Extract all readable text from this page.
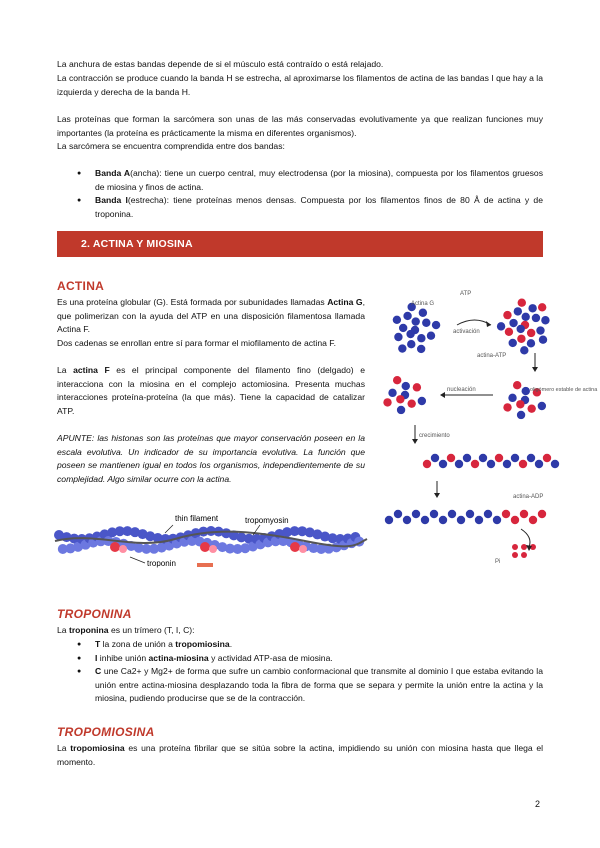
La anchura de estas bandas depende de si el músculo está contraído o está relajado.

La contracción se produce cuando la banda H se estrecha, al aproximarse los filamentos de actina de las bandas I que hay a la izquierda y derecha de la banda H.

Las proteínas que forman la sarcómera son unas de las más conservadas evolutivamente ya que realizan funciones muy importantes (la proteína es prácticamente la misma en diferentes organismos).

La sarcómera se encuentra comprendida entre dos bandas:

● Banda A(ancha): tiene un cuerpo central, muy electrodensa (por la miosina), compuesta por los filamentos gruesos de miosina y finos de actina.
● Banda I(estrecha): tiene proteínas menos densas. Compuesta por los filamentos finos de 80 Å de actina y de troponina.
2. ACTINA Y MIOSINA
ACTINA

Es una proteína globular (G). Está formada por subunidades llamadas Actina G, que polimerizan con la ayuda del ATP en una disposición filamentosa llamada Actina F.

Dos cadenas se enrollan entre sí para formar el miofilamento de actina F.

La actina F es el principal componente del filamento fino (delgado) e interacciona con la miosina en el complejo actomiosina. Presenta muchas interacciones proteína-proteína (la que más). Tiene la capacidad de catalizar ATP.

APUNTE: las histonas son las proteínas que mayor conservación poseen en la escala evolutiva. Un indicador de su importancia evolutiva. La función que poseen se mantienen igual en todos los organismos, independientemente de su complejidad. Algo similar ocurre con la actina.

thin filament	tropomyosin
troponin
Actina G
ATP
activación
actina-ATP
nucleación	oligómero estable de actina
crecimiento
actina-ADP
Pi
TROPONINA

La troponina es un trímero (T, I, C):

● T la zona de unión a tropomiosina.
● I inhibe unión actina-miosina y actividad ATP-asa de miosina.
● C une Ca2+ y Mg2+ de forma que sufre un cambio conformacional que transmite al dominio I que estaba evitando la unión entre actina-miosina desplazando toda la fibra de forma que se separa y permite la unión entre la actina y la miosina, pudiendo producirse que se de la contracción.
TROPOMIOSINA

La tropomiosina es una proteína fibrilar que se sitúa sobre la actina, impidiendo su unión con miosina hasta que llega el momento.

2
